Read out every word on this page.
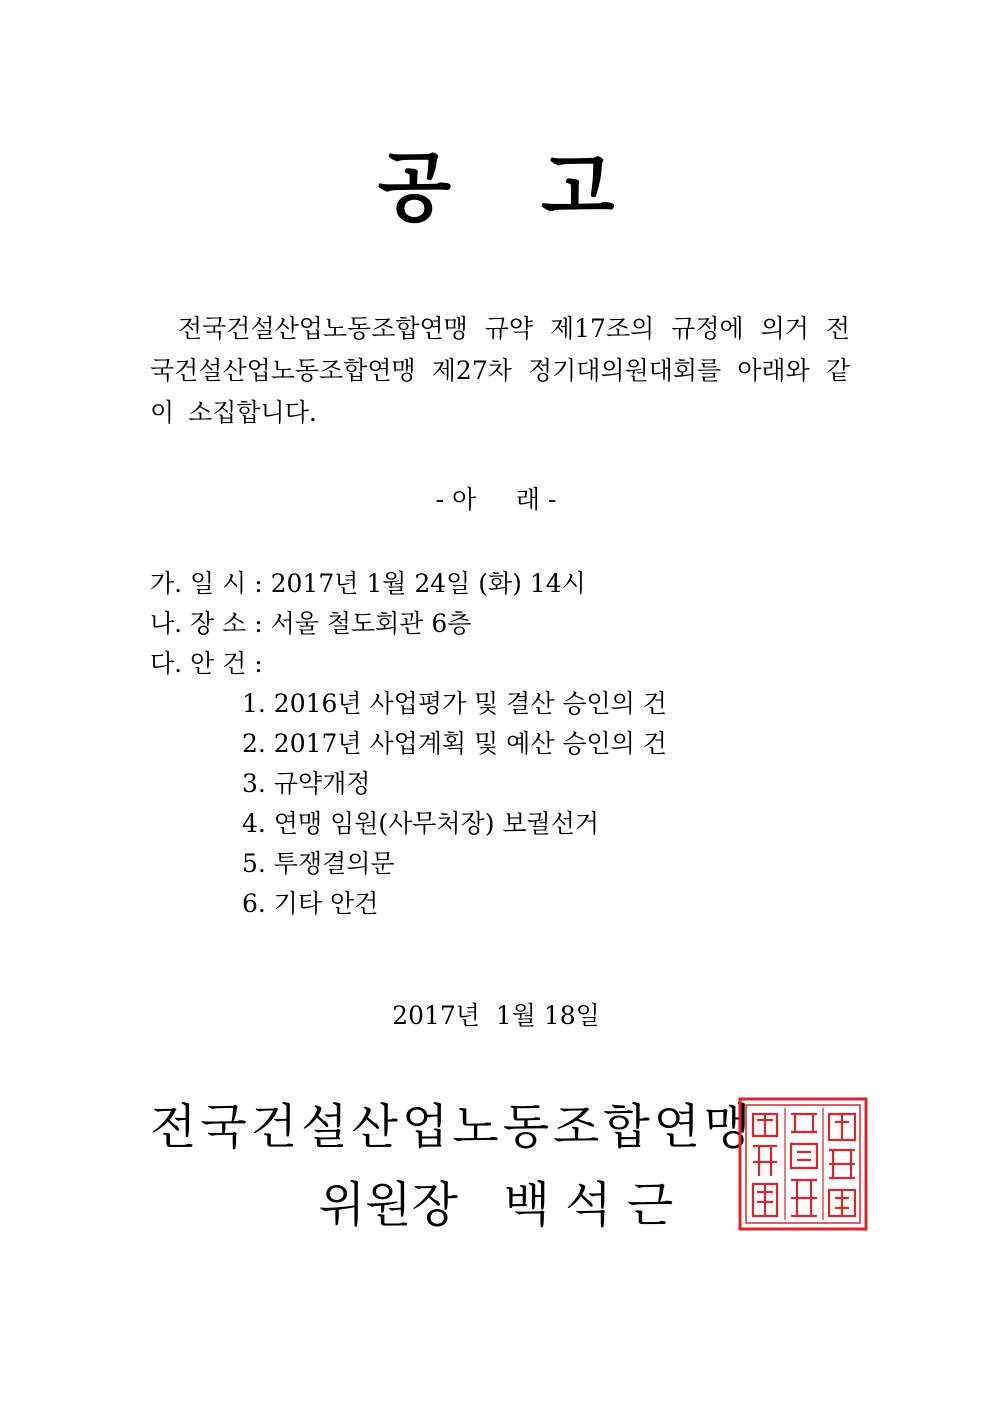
공고

전국건설산업노동조합연맹 규약 제17조의 규정에 의거 전국건설산업노동조합연맹 제27차 정기대의원대회를 아래와 같이 소집합니다.

- 아     래 -

가. 일 시 : 2017년 1월 24일 (화) 14시
나. 장 소 : 서울 철도회관 6층
다. 안 건 :
1. 2016년 사업평가 및 결산 승인의 건
2. 2017년 사업계획 및 예산 승인의 건
3. 규약개정
4. 연맹 임원(사무처장) 보궐선거
5. 투쟁결의문
6. 기타 안건

2017년  1월 18일

전국건설산업노동조합연맹

위원장   백 석 근
